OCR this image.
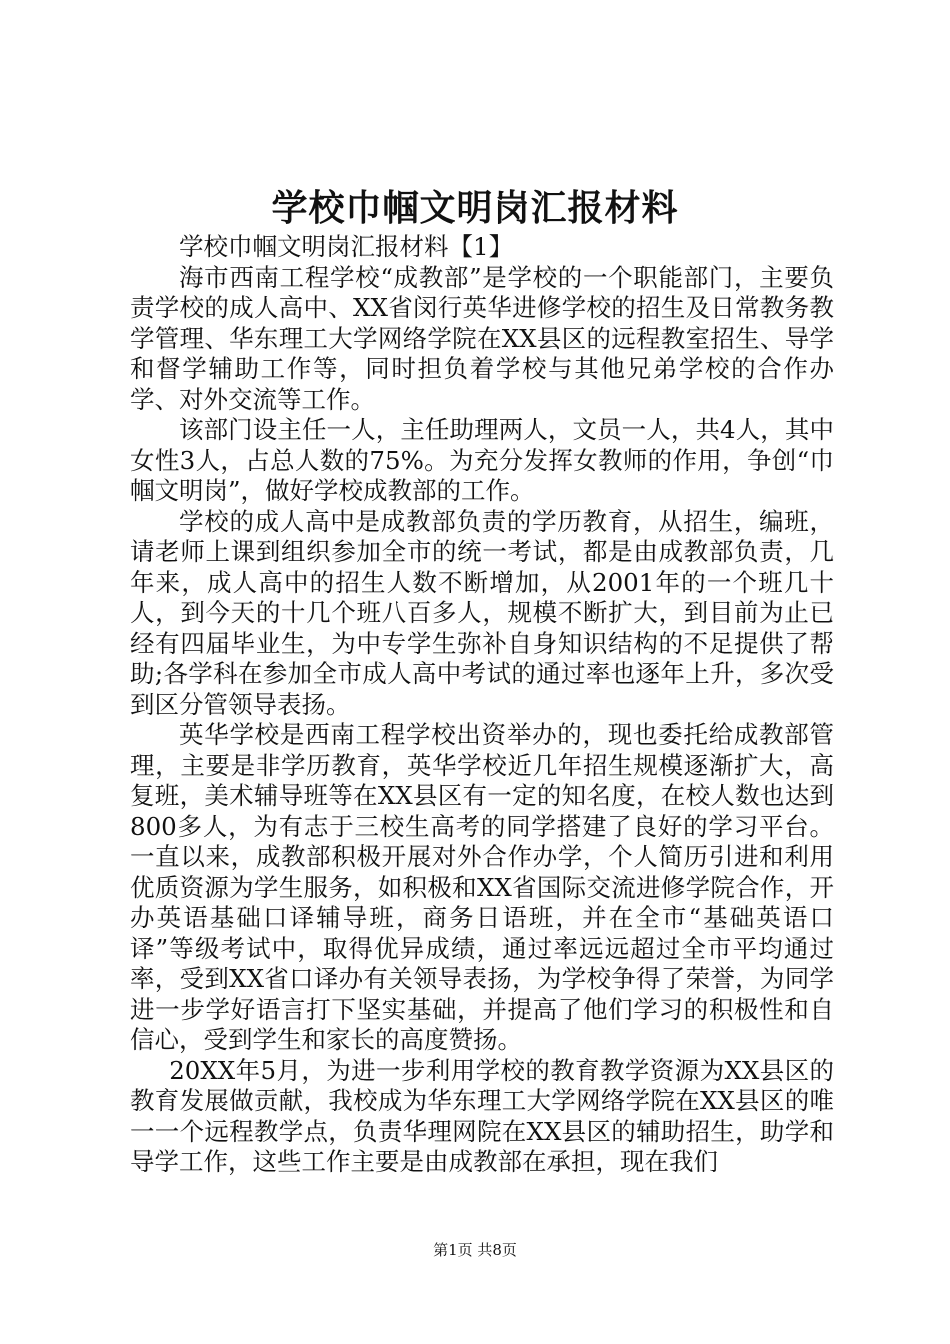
学校巾帼文明岗汇报材料

学校巾帼文明岗汇报材料【1】

海市西南工程学校“成教部”是学校的一个职能部门，主要负责学校的成人高中、XX省闵行英华进修学校的招生及日常教务教学管理、华东理工大学网络学院在XX县区的远程教室招生、导学和督学辅助工作等，同时担负着学校与其他兄弟学校的合作办学、对外交流等工作。

该部门设主任一人，主任助理两人，文员一人，共4人，其中女性3人，占总人数的75%。为充分发挥女教师的作用，争创“巾帼文明岗”，做好学校成教部的工作。

学校的成人高中是成教部负责的学历教育，从招生，编班，请老师上课到组织参加全市的统一考试，都是由成教部负责，几年来，成人高中的招生人数不断增加，从2001年的一个班几十人，到今天的十几个班八百多人，规模不断扩大，到目前为止已经有四届毕业生，为中专学生弥补自身知识结构的不足提供了帮助;各学科在参加全市成人高中考试的通过率也逐年上升，多次受到区分管领导表扬。

英华学校是西南工程学校出资举办的，现也委托给成教部管理，主要是非学历教育，英华学校近几年招生规模逐渐扩大，高复班，美术辅导班等在XX县区有一定的知名度，在校人数也达到800多人，为有志于三校生高考的同学搭建了良好的学习平台。一直以来，成教部积极开展对外合作办学，个人简历引进和利用优质资源为学生服务，如积极和XX省国际交流进修学院合作，开办英语基础口译辅导班，商务日语班，并在全市“基础英语口译”等级考试中，取得优异成绩，通过率远远超过全市平均通过率，受到XX省口译办有关领导表扬，为学校争得了荣誉，为同学进一步学好语言打下坚实基础，并提高了他们学习的积极性和自信心，受到学生和家长的高度赞扬。

20XX年5月，为进一步利用学校的教育教学资源为XX县区的教育发展做贡献，我校成为华东理工大学网络学院在XX县区的唯一一个远程教学点，负责华理网院在XX县区的辅助招生，助学和导学工作，这些工作主要是由成教部在承担，现在我们

第1页 共8页
